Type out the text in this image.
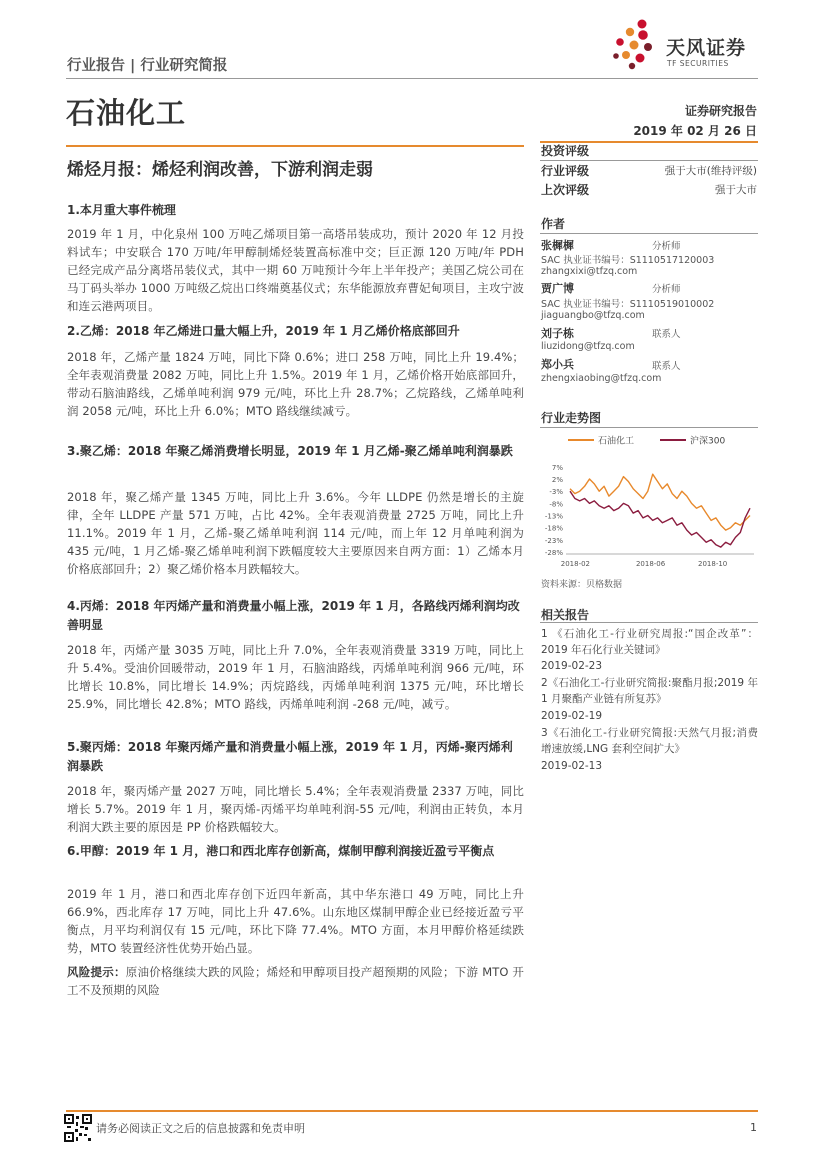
天风证券
TF SECURITIES
行业报告 | 行业研究简报
石油化工	证券研究报告
2019 年 02 月 26 日
烯烃月报：烯烃利润改善，下游利润走弱
1.本月重大事件梳理
2019 年 1 月，中化泉州 100 万吨乙烯项目第一高塔吊装成功，预计 2020 年 12 月投料试车；中安联合 170 万吨/年甲醇制烯烃装置高标准中交；巨正源 120 万吨/年 PDH 已经完成产品分离塔吊装仪式，其中一期 60 万吨预计今年上半年投产；美国乙烷公司在马丁码头举办 1000 万吨级乙烷出口终端奠基仪式；东华能源放弃曹妃甸项目，主攻宁波和连云港两项目。
2.乙烯：2018 年乙烯进口量大幅上升，2019 年 1 月乙烯价格底部回升
2018 年，乙烯产量 1824 万吨，同比下降 0.6%；进口 258 万吨，同比上升 19.4%；全年表观消费量 2082 万吨，同比上升 1.5%。2019 年 1 月，乙烯价格开始底部回升，带动石脑油路线，乙烯单吨利润 979 元/吨，环比上升 28.7%；乙烷路线，乙烯单吨利润 2058 元/吨，环比上升 6.0%；MTO 路线继续减亏。
3.聚乙烯：2018 年聚乙烯消费增长明显，2019 年 1 月乙烯-聚乙烯单吨利润暴跌
2018 年，聚乙烯产量 1345 万吨，同比上升 3.6%。今年 LLDPE 仍然是增长的主旋律，全年 LLDPE 产量 571 万吨，占比 42%。全年表观消费量 2725 万吨，同比上升 11.1%。2019 年 1 月，乙烯-聚乙烯单吨利润 114 元/吨，而上年 12 月单吨利润为 435 元/吨，1 月乙烯-聚乙烯单吨利润下跌幅度较大主要原因来自两方面：1）乙烯本月价格底部回升；2）聚乙烯价格本月跌幅较大。
4.丙烯：2018 年丙烯产量和消费量小幅上涨，2019 年 1 月，各路线丙烯利润均改善明显
2018 年，丙烯产量 3035 万吨，同比上升 7.0%，全年表观消费量 3319 万吨，同比上升 5.4%。受油价回暖带动，2019 年 1 月，石脑油路线，丙烯单吨利润 966 元/吨，环比增长 10.8%，同比增长 14.9%；丙烷路线，丙烯单吨利润 1375 元/吨，环比增长 25.9%，同比增长 42.8%；MTO 路线，丙烯单吨利润 -268 元/吨，减亏。
5.聚丙烯：2018 年聚丙烯产量和消费量小幅上涨，2019 年 1 月，丙烯-聚丙烯利润暴跌
2018 年，聚丙烯产量 2027 万吨，同比增长 5.4%；全年表观消费量 2337 万吨，同比增长 5.7%。2019 年 1 月，聚丙烯-丙烯平均单吨利润-55 元/吨，利润由正转负，本月利润大跌主要的原因是 PP 价格跌幅较大。
6.甲醇：2019 年 1 月，港口和西北库存创新高，煤制甲醇利润接近盈亏平衡点
2019 年 1 月，港口和西北库存创下近四年新高，其中华东港口 49 万吨，同比上升 66.9%，西北库存 17 万吨，同比上升 47.6%。山东地区煤制甲醇企业已经接近盈亏平衡点，月平均利润仅有 15 元/吨，环比下降 77.4%。MTO 方面，本月甲醇价格延续跌势，MTO 装置经济性优势开始凸显。
风险提示：原油价格继续大跌的风险；烯烃和甲醇项目投产超预期的风险；下游 MTO 开工不及预期的风险
投资评级
行业评级	强于大市(维持评级)
上次评级	强于大市
作者
张樨樨	分析师
SAC 执业证书编号：S1110517120003
zhangxixi@tfzq.com
贾广博	分析师
SAC 执业证书编号：S1110519010002
jiaguangbo@tfzq.com
刘子栋	联系人
liuzidong@tfzq.com
郑小兵	联系人
zhengxiaobing@tfzq.com
行业走势图
石油化工	沪深300
7%
2%
-3%
-8%
-13%
-18%
-23%
-28%
2018-02	2018-06	2018-10
资料来源：贝格数据
相关报告
1 《石油化工-行业研究周报:“国企改革”：2019 年石化行业关键词》
2019-02-23
2《石油化工-行业研究简报:聚酯月报;2019 年 1 月聚酯产业链有所复苏》
2019-02-19
3《石油化工-行业研究简报:天然气月报;消费增速放缓,LNG 套利空间扩大》
2019-02-13
请务必阅读正文之后的信息披露和免责申明	1
